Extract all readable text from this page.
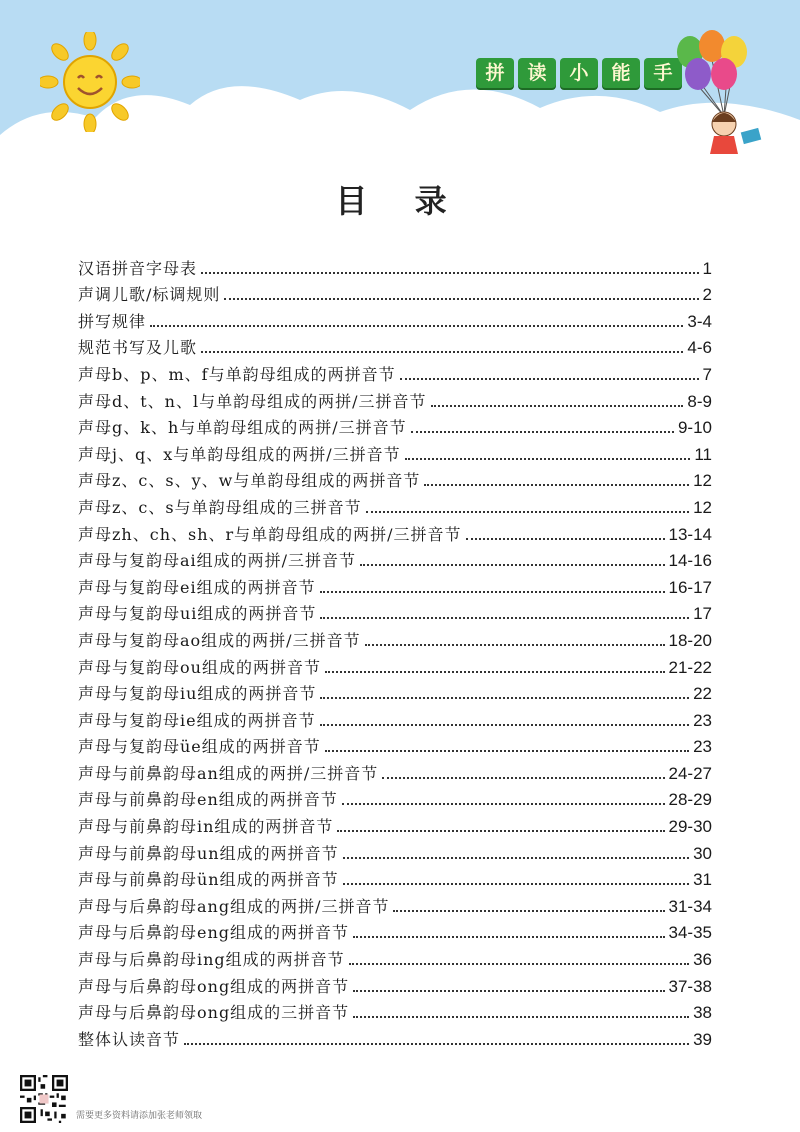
拼	读	小	能	手
目 录
汉语拼音字母表	1
声调儿歌/标调规则	2
拼写规律	3-4
规范书写及儿歌	4-6
声母b、p、m、f与单韵母组成的两拼音节	7
声母d、t、n、l与单韵母组成的两拼/三拼音节	8-9
声母g、k、h与单韵母组成的两拼/三拼音节	9-10
声母j、q、x与单韵母组成的两拼/三拼音节	11
声母z、c、s、y、w与单韵母组成的两拼音节	12
声母z、c、s与单韵母组成的三拼音节	12
声母zh、ch、sh、r与单韵母组成的两拼/三拼音节	13-14
声母与复韵母ai组成的两拼/三拼音节	14-16
声母与复韵母ei组成的两拼音节	16-17
声母与复韵母ui组成的两拼音节	17
声母与复韵母ao组成的两拼/三拼音节	18-20
声母与复韵母ou组成的两拼音节	21-22
声母与复韵母iu组成的两拼音节	22
声母与复韵母ie组成的两拼音节	23
声母与复韵母üe组成的两拼音节	23
声母与前鼻韵母an组成的两拼/三拼音节	24-27
声母与前鼻韵母en组成的两拼音节	28-29
声母与前鼻韵母in组成的两拼音节	29-30
声母与前鼻韵母un组成的两拼音节	30
声母与前鼻韵母ün组成的两拼音节	31
声母与后鼻韵母ang组成的两拼/三拼音节	31-34
声母与后鼻韵母eng组成的两拼音节	34-35
声母与后鼻韵母ing组成的两拼音节	36
声母与后鼻韵母ong组成的两拼音节	37-38
声母与后鼻韵母ong组成的三拼音节	38
整体认读音节	39
需要更多资料请添加张老师领取
